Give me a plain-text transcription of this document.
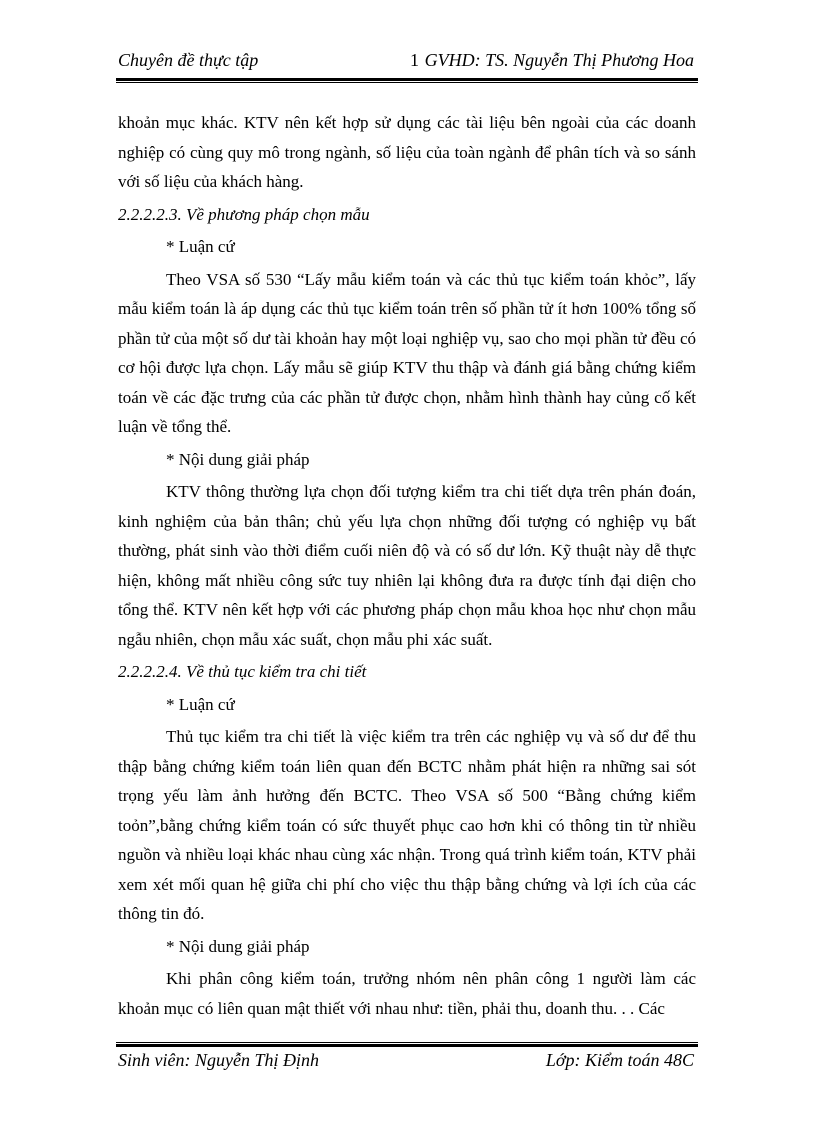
Chuyên đề thực tập	1 GVHD: TS. Nguyễn Thị Phương Hoa

khoản mục khác. KTV nên kết hợp sử dụng các tài liệu bên ngoài của các doanh nghiệp có cùng quy mô trong ngành, số liệu của toàn ngành để phân tích và so sánh với số liệu của khách hàng.

2.2.2.2.3. Về phương pháp chọn mẫu

* Luận cứ

Theo VSA số 530 “Lấy mẫu kiểm toán và các thủ tục kiểm toán khỏc”, lấy mẫu kiểm toán là áp dụng các thủ tục kiểm toán trên số phần tử ít hơn 100% tổng số phần tử của một số dư tài khoản hay một loại nghiệp vụ, sao cho mọi phần tử đều có cơ hội được lựa chọn. Lấy mẫu sẽ giúp KTV thu thập và đánh giá bằng chứng kiểm toán về các đặc trưng của các phần tử được chọn, nhằm hình thành hay củng cố kết luận về tổng thể.

* Nội dung giải pháp

KTV thông thường lựa chọn đối tượng kiểm tra chi tiết dựa trên phán đoán, kinh nghiệm của bản thân; chủ yếu lựa chọn những đối tượng có nghiệp vụ bất thường, phát sinh vào thời điểm cuối niên độ và có số dư lớn. Kỹ thuật này dễ thực hiện, không mất nhiều công sức tuy nhiên lại không đưa ra được tính đại diện cho tổng thể. KTV nên kết hợp với các phương pháp chọn mẫu khoa học như chọn mẫu ngẫu nhiên, chọn mẫu xác suất, chọn mẫu phi xác suất.

2.2.2.2.4. Về thủ tục kiểm tra chi tiết

* Luận cứ

Thủ tục kiểm tra chi tiết là việc kiểm tra trên các nghiệp vụ và số dư để thu thập bằng chứng kiểm toán liên quan đến BCTC nhằm phát hiện ra những sai sót trọng yếu làm ảnh hưởng đến BCTC. Theo VSA số 500 “Bằng chứng kiểm toỏn”,bằng chứng kiểm toán có sức thuyết phục cao hơn khi có thông tin từ nhiều nguồn và nhiều loại khác nhau cùng xác nhận. Trong quá trình kiểm toán, KTV phải xem xét mối quan hệ giữa chi phí cho việc thu thập bằng chứng và lợi ích của các thông tin đó.

* Nội dung giải pháp

Khi phân công kiểm toán, trưởng nhóm nên phân công 1 người làm các khoản mục có liên quan mật thiết với nhau như: tiền, phải thu, doanh thu. . . Các

Sinh viên: Nguyễn Thị Định	Lớp: Kiểm toán 48C
